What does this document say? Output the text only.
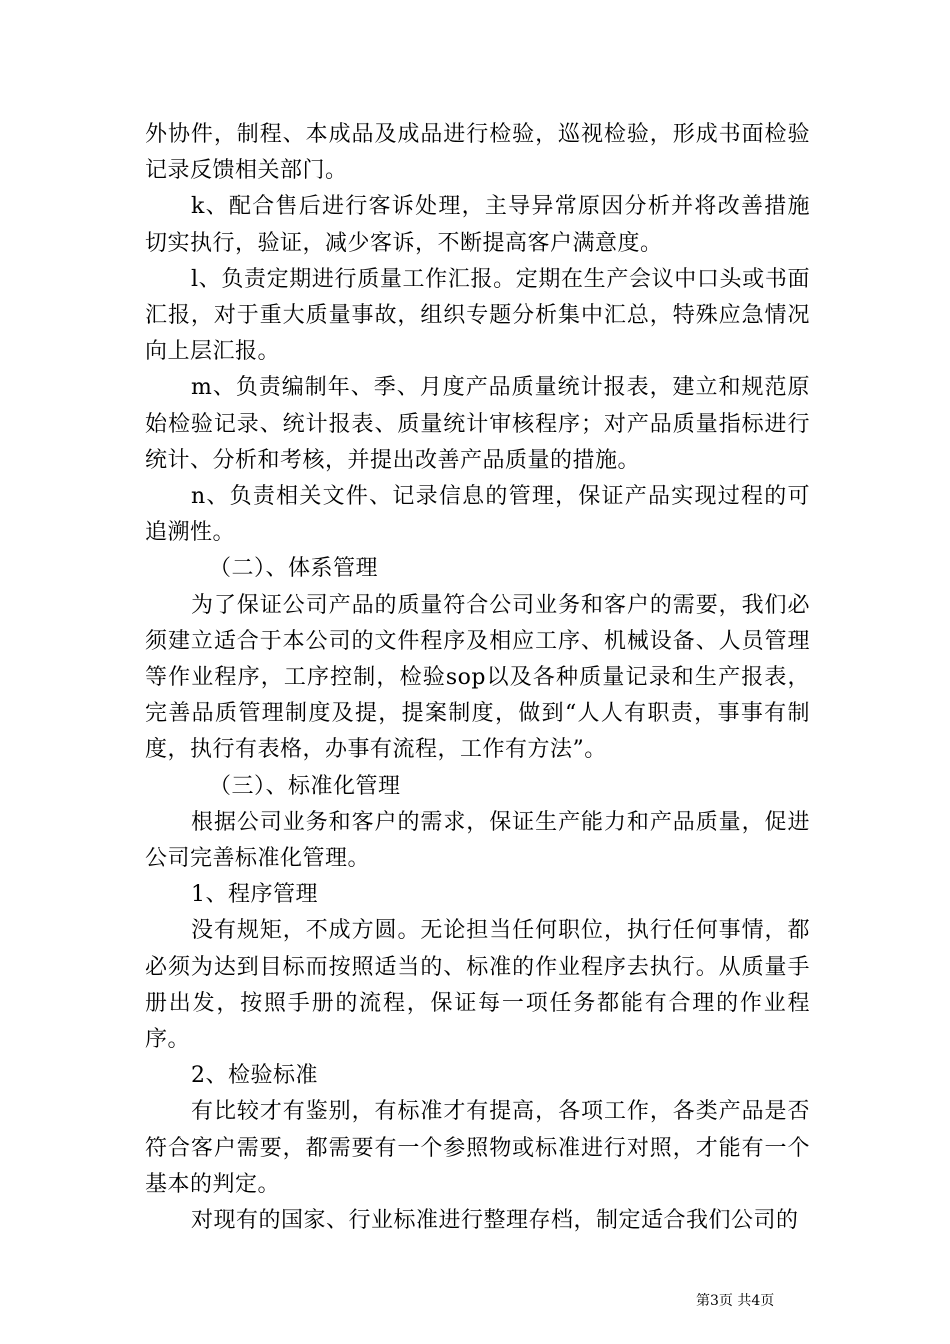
外协件，制程、本成品及成品进行检验，巡视检验，形成书面检验记录反馈相关部门。

k、配合售后进行客诉处理，主导异常原因分析并将改善措施切实执行，验证，减少客诉，不断提高客户满意度。

l、负责定期进行质量工作汇报。定期在生产会议中口头或书面汇报，对于重大质量事故，组织专题分析集中汇总，特殊应急情况向上层汇报。

m、负责编制年、季、月度产品质量统计报表，建立和规范原始检验记录、统计报表、质量统计审核程序；对产品质量指标进行统计、分析和考核，并提出改善产品质量的措施。

n、负责相关文件、记录信息的管理，保证产品实现过程的可追溯性。

（二）、体系管理

为了保证公司产品的质量符合公司业务和客户的需要，我们必须建立适合于本公司的文件程序及相应工序、机械设备、人员管理等作业程序，工序控制，检验sop以及各种质量记录和生产报表，完善品质管理制度及提，提案制度，做到“人人有职责，事事有制度，执行有表格，办事有流程，工作有方法”。

（三）、标准化管理

根据公司业务和客户的需求，保证生产能力和产品质量，促进公司完善标准化管理。

1、程序管理

没有规矩，不成方圆。无论担当任何职位，执行任何事情，都必须为达到目标而按照适当的、标准的作业程序去执行。从质量手册出发，按照手册的流程，保证每一项任务都能有合理的作业程序。

2、检验标准

有比较才有鉴别，有标准才有提高，各项工作，各类产品是否符合客户需要，都需要有一个参照物或标准进行对照，才能有一个基本的判定。

对现有的国家、行业标准进行整理存档，制定适合我们公司的

第3页 共4页
